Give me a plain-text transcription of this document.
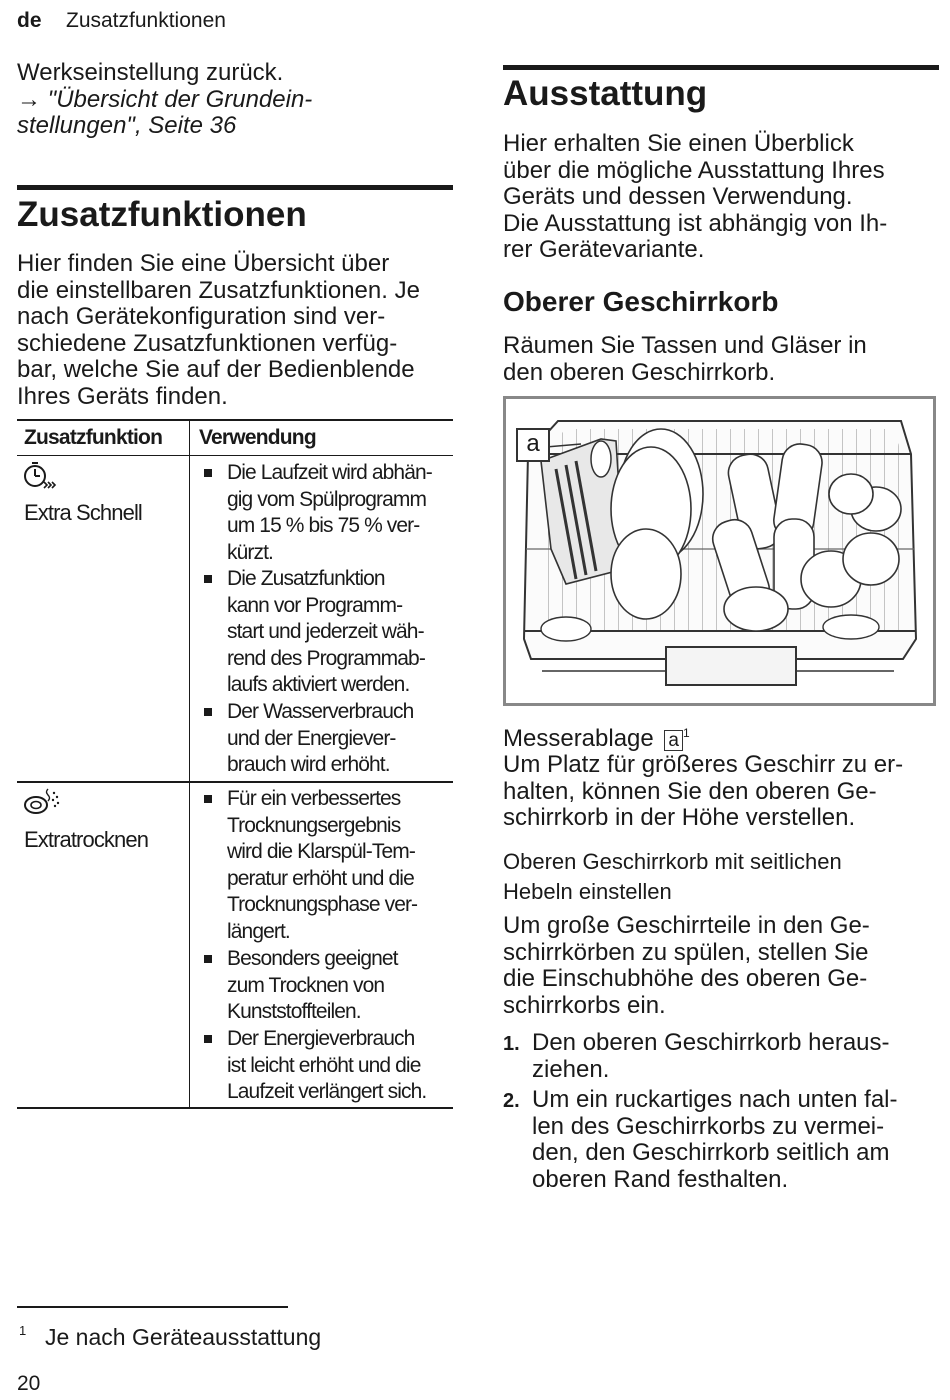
de Zusatzfunktionen
Werkseinstellung zurück.
→ "Übersicht der Grundein-
stellungen", Seite 36
Zusatzfunktionen
Hier finden Sie eine Übersicht über
die einstellbaren Zusatzfunktionen. Je
nach Gerätekonfiguration sind ver-
schiedene Zusatzfunktionen verfüg-
bar, welche Sie auf der Bedienblende
Ihres Geräts finden.
Zusatzfunktion Verwendung
Extra Schnell
Die Laufzeit wird abhän-
gig vom Spülprogramm
um 15 % bis 75 % ver-
kürzt.
Die Zusatzfunktion
kann vor Programm-
start und jederzeit wäh-
rend des Programmab-
laufs aktiviert werden.
Der Wasserverbrauch
und der Energiever-
brauch wird erhöht.
Extratrocknen
Für ein verbessertes
Trocknungsergebnis
wird die Klarspül-Tem-
peratur erhöht und die
Trocknungsphase ver-
längert.
Besonders geeignet
zum Trocknen von
Kunststoffteilen.
Der Energieverbrauch
ist leicht erhöht und die
Laufzeit verlängert sich.
Ausstattung
Hier erhalten Sie einen Überblick
über die mögliche Ausstattung Ihres
Geräts und dessen Verwendung.
Die Ausstattung ist abhängig von Ih-
rer Gerätevariante.
Oberer Geschirrkorb
Räumen Sie Tassen und Gläser in
den oberen Geschirrkorb.
a
Messerablage a $^1$
Um Platz für größeres Geschirr zu er-
halten, können Sie den oberen Ge-
schirrkorb in der Höhe verstellen.
Oberen Geschirrkorb mit seitlichen
Hebeln einstellen
Um große Geschirrteile in den Ge-
schirrkörben zu spülen, stellen Sie
die Einschubhöhe des oberen Ge-
schirrkorbs ein.
1. Den oberen Geschirrkorb heraus-
ziehen.
2. Um ein ruckartiges nach unten fal-
len des Geschirrkorbs zu vermei-
den, den Geschirrkorb seitlich am
oberen Rand festhalten.
1 Je nach Geräteausstattung
20
